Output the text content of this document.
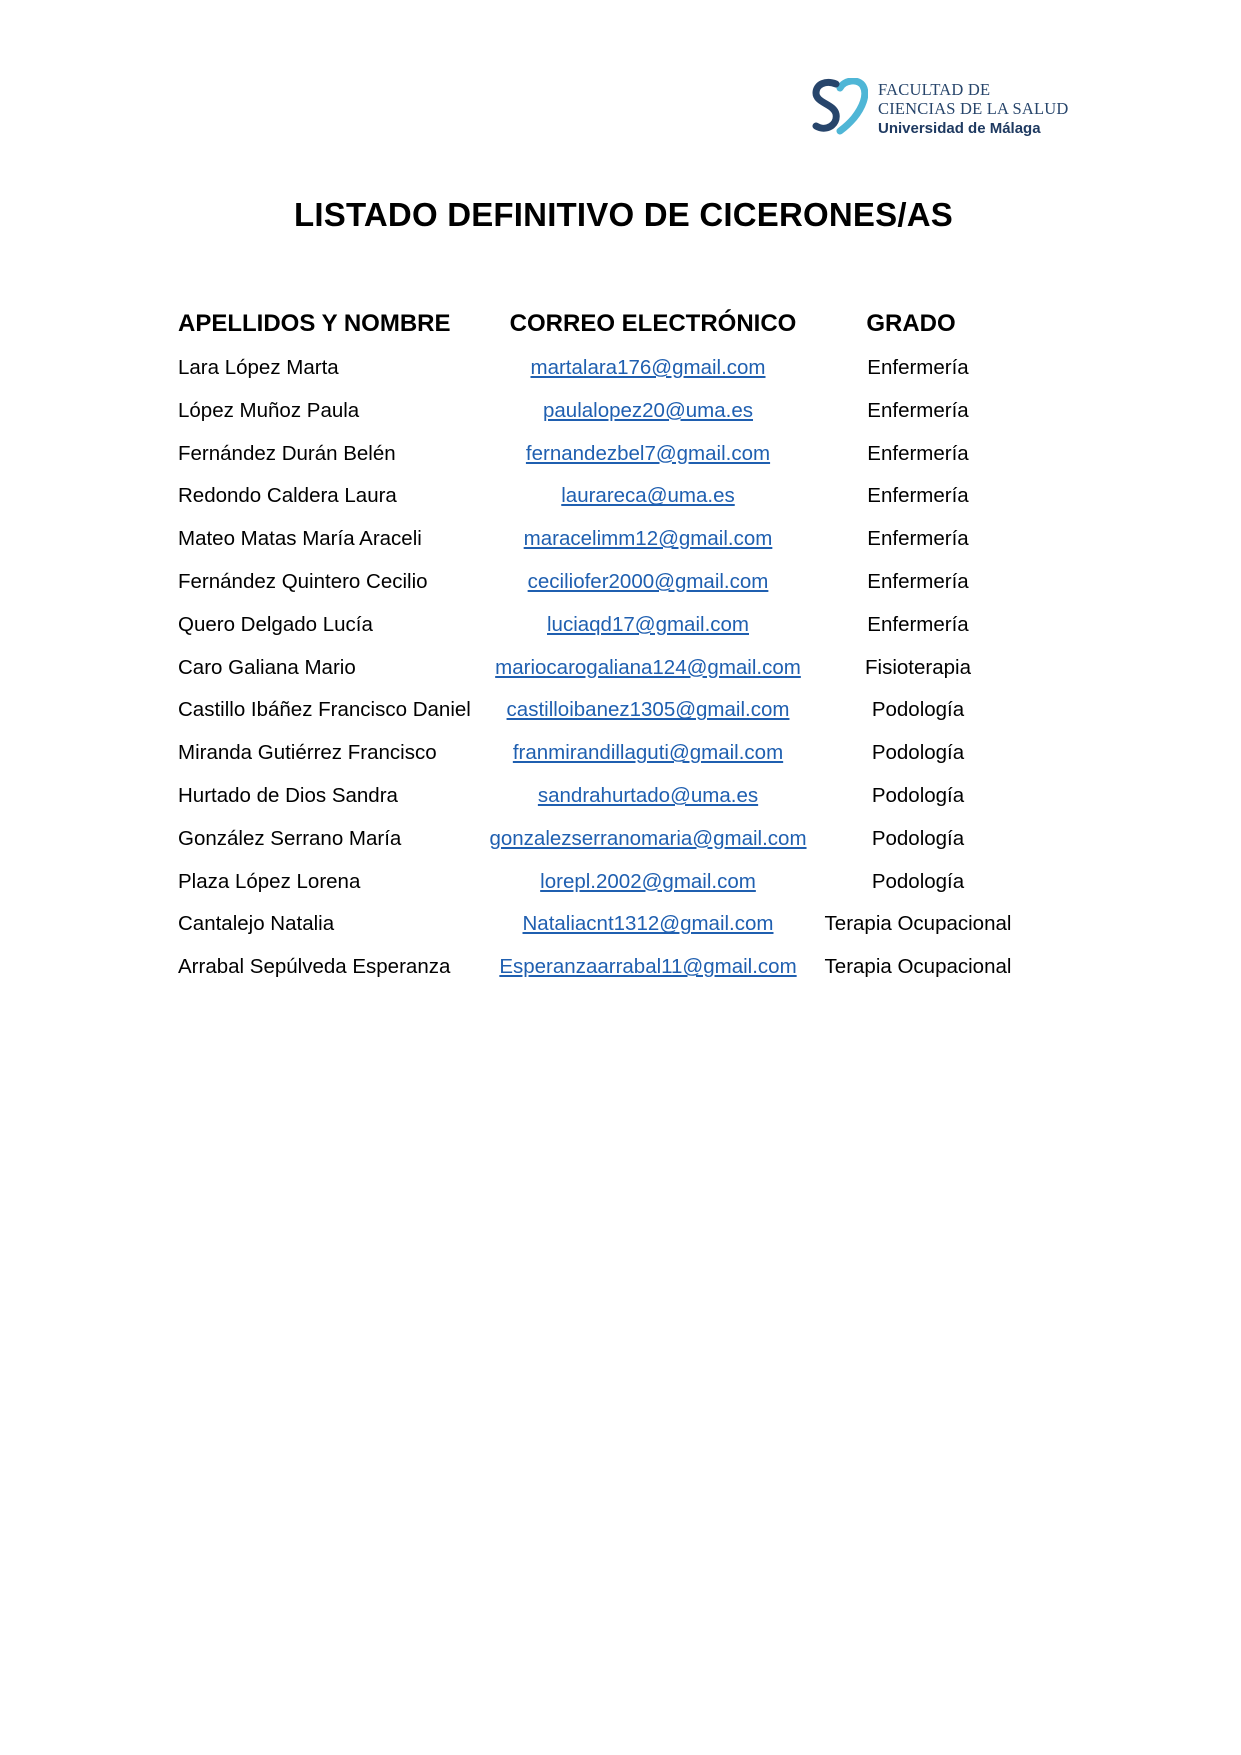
FACULTAD DE
CIENCIAS DE LA SALUD
Universidad de Málaga
LISTADO DEFINITIVO DE CICERONES/AS
APELLIDOS Y NOMBRE CORREO ELECTRÓNICO	GRADO
Lara López Marta	martalara176@gmail.com	Enfermería
López Muñoz Paula	paulalopez20@uma.es	Enfermería
Fernández Durán Belén	fernandezbel7@gmail.com	Enfermería
Redondo Caldera Laura	laurareca@uma.es	Enfermería
Mateo Matas María Araceli	maracelimm12@gmail.com	Enfermería
Fernández Quintero Cecilio	ceciliofer2000@gmail.com	Enfermería
Quero Delgado Lucía	luciaqd17@gmail.com	Enfermería
Caro Galiana Mario	mariocarogaliana124@gmail.com	Fisioterapia
Castillo Ibáñez Francisco Daniel castilloibanez1305@gmail.com	Podología
Miranda Gutiérrez Francisco	franmirandillaguti@gmail.com	Podología
Hurtado de Dios Sandra	sandrahurtado@uma.es	Podología
González Serrano María	gonzalezserranomaria@gmail.com	Podología
Plaza López Lorena	lorepl.2002@gmail.com	Podología
Cantalejo Natalia	Nataliacnt1312@gmail.com Terapia Ocupacional
Arrabal Sepúlveda Esperanza Esperanzaarrabal11@gmail.com Terapia Ocupacional
